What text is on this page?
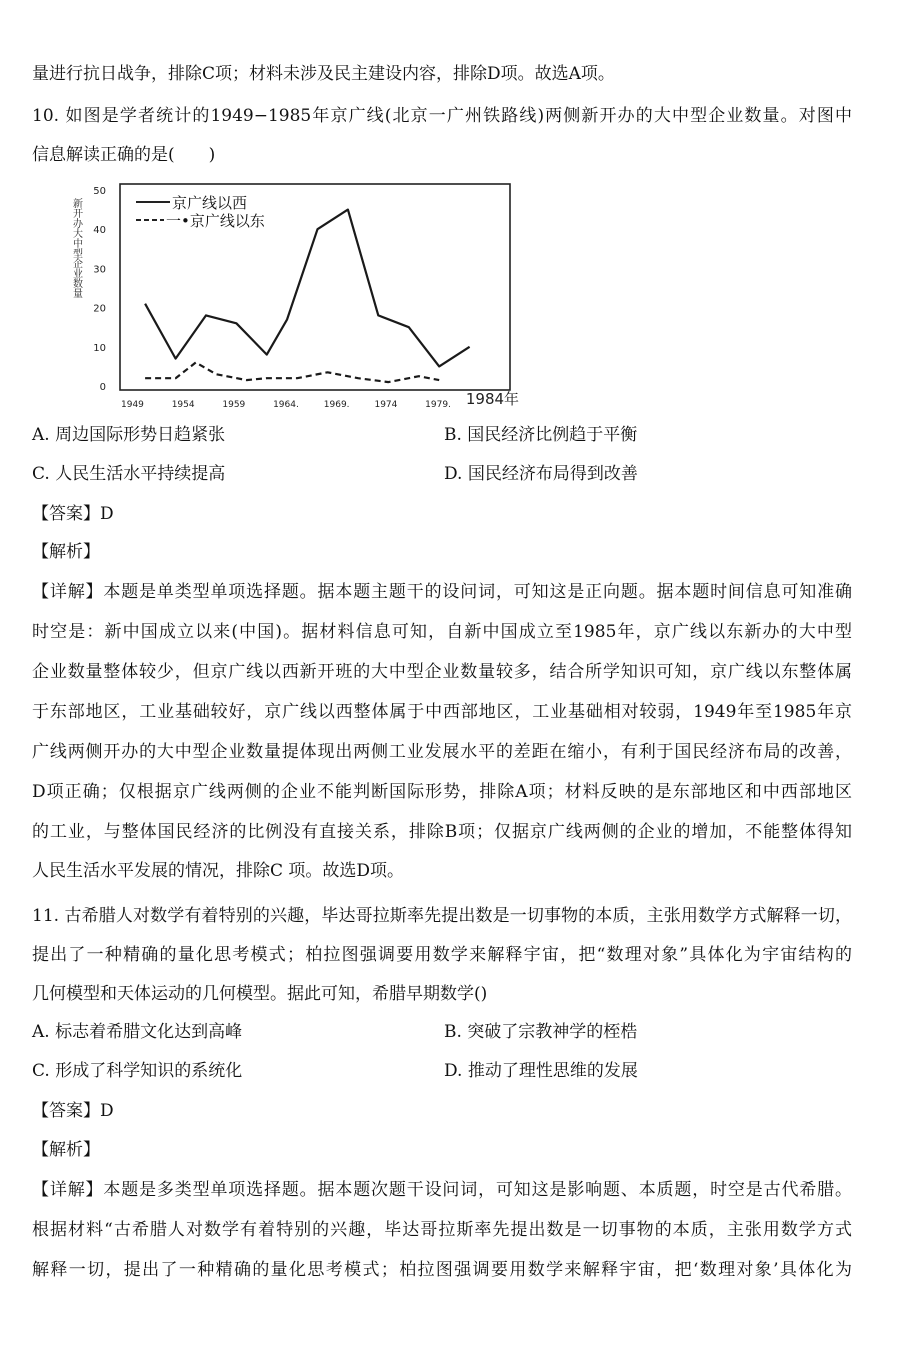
量进行抗日战争，排除C项；材料未涉及民主建设内容，排除D项。故选A项。
10. 如图是学者统计的1949−1985年京广线(北京一广州铁路线)两侧新开办的大中型企业数量。对图中
信息解读正确的是(　　)
新开办大中型企业数量
0
10
20
30
40
50
1949	1954	1959	1964.	1969.	1974	1979. 1984年
京广线以西
一•京广线以东
A. 周边国际形势日趋紧张	B. 国民经济比例趋于平衡
C. 人民生活水平持续提高	D. 国民经济布局得到改善
【答案】D
【解析】
【详解】本题是单类型单项选择题。据本题主题干的设问词，可知这是正向题。据本题时间信息可知准确
时空是：新中国成立以来(中国)。据材料信息可知，自新中国成立至1985年，京广线以东新办的大中型
企业数量整体较少，但京广线以西新开班的大中型企业数量较多，结合所学知识可知，京广线以东整体属
于东部地区，工业基础较好，京广线以西整体属于中西部地区，工业基础相对较弱，1949年至1985年京
广线两侧开办的大中型企业数量提体现出两侧工业发展水平的差距在缩小，有利于国民经济布局的改善，
D项正确；仅根据京广线两侧的企业不能判断国际形势，排除A项；材料反映的是东部地区和中西部地区
的工业，与整体国民经济的比例没有直接关系，排除B项；仅据京广线两侧的企业的增加，不能整体得知
人民生活水平发展的情况，排除C 项。故选D项。
11. 古希腊人对数学有着特别的兴趣，毕达哥拉斯率先提出数是一切事物的本质，主张用数学方式解释一切，
提出了一种精确的量化思考模式；柏拉图强调要用数学来解释宇宙，把“数理对象”具体化为宇宙结构的
几何模型和天体运动的几何模型。据此可知，希腊早期数学()
A. 标志着希腊文化达到高峰	B. 突破了宗教神学的桎梏
C. 形成了科学知识的系统化	D. 推动了理性思维的发展
【答案】D
【解析】
【详解】本题是多类型单项选择题。据本题次题干设问词，可知这是影响题、本质题，时空是古代希腊。
根据材料“古希腊人对数学有着特别的兴趣，毕达哥拉斯率先提出数是一切事物的本质，主张用数学方式
解释一切，提出了一种精确的量化思考模式；柏拉图强调要用数学来解释宇宙，把‘数理对象’具体化为
